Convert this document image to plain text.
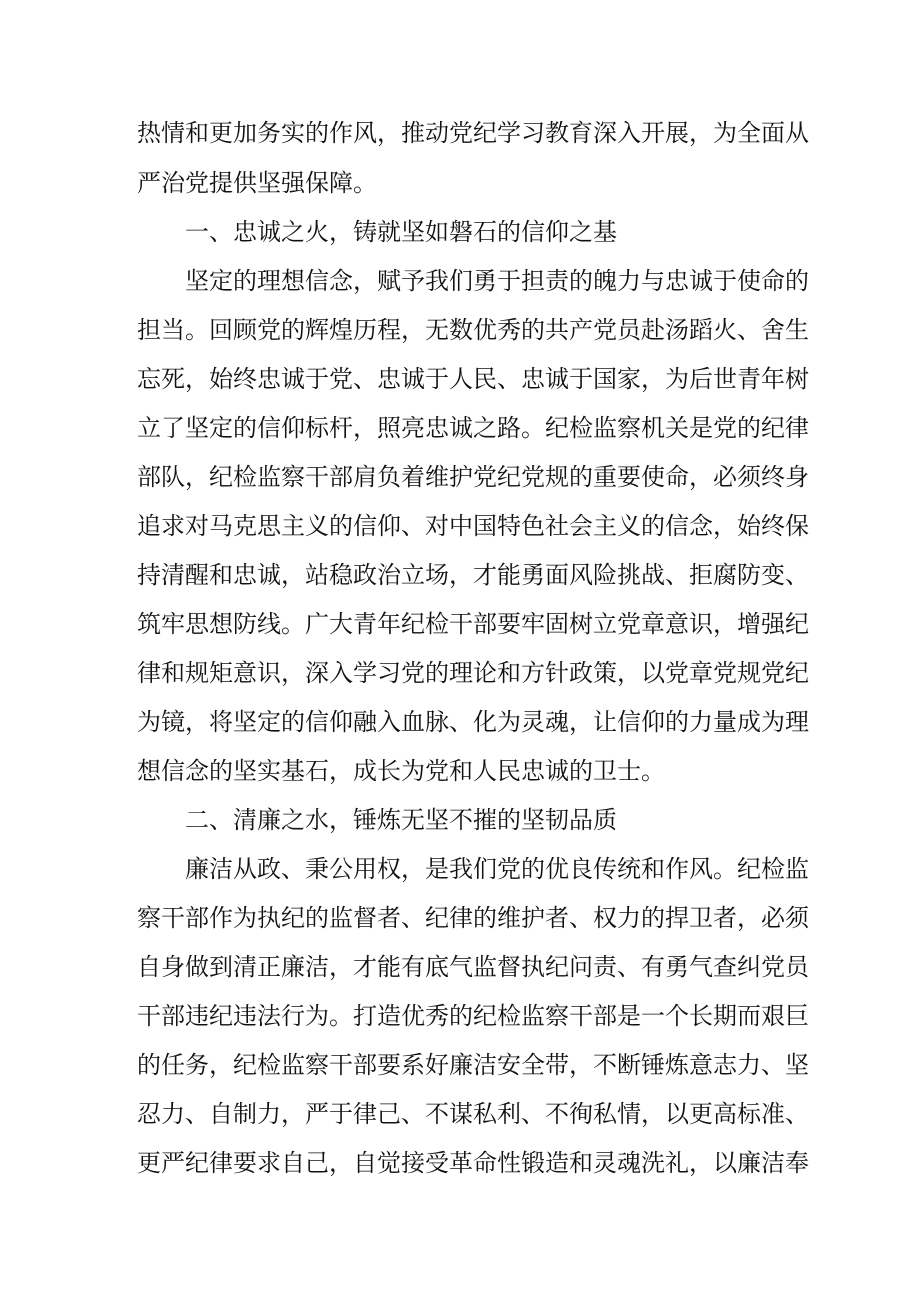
热情和更加务实的作风，推动党纪学习教育深入开展，为全面从

严治党提供坚强保障。

一、忠诚之火，铸就坚如磐石的信仰之基

坚定的理想信念，赋予我们勇于担责的魄力与忠诚于使命的

担当。回顾党的辉煌历程，无数优秀的共产党员赴汤蹈火、舍生

忘死，始终忠诚于党、忠诚于人民、忠诚于国家，为后世青年树

立了坚定的信仰标杆，照亮忠诚之路。纪检监察机关是党的纪律

部队，纪检监察干部肩负着维护党纪党规的重要使命，必须终身

追求对马克思主义的信仰、对中国特色社会主义的信念，始终保

持清醒和忠诚，站稳政治立场，才能勇面风险挑战、拒腐防变、

筑牢思想防线。广大青年纪检干部要牢固树立党章意识，增强纪

律和规矩意识，深入学习党的理论和方针政策，以党章党规党纪

为镜，将坚定的信仰融入血脉、化为灵魂，让信仰的力量成为理

想信念的坚实基石，成长为党和人民忠诚的卫士。

二、清廉之水，锤炼无坚不摧的坚韧品质

廉洁从政、秉公用权，是我们党的优良传统和作风。纪检监

察干部作为执纪的监督者、纪律的维护者、权力的捍卫者，必须

自身做到清正廉洁，才能有底气监督执纪问责、有勇气查纠党员

干部违纪违法行为。打造优秀的纪检监察干部是一个长期而艰巨

的任务，纪检监察干部要系好廉洁安全带，不断锤炼意志力、坚

忍力、自制力，严于律己、不谋私利、不徇私情，以更高标准、

更严纪律要求自己，自觉接受革命性锻造和灵魂洗礼，以廉洁奉
